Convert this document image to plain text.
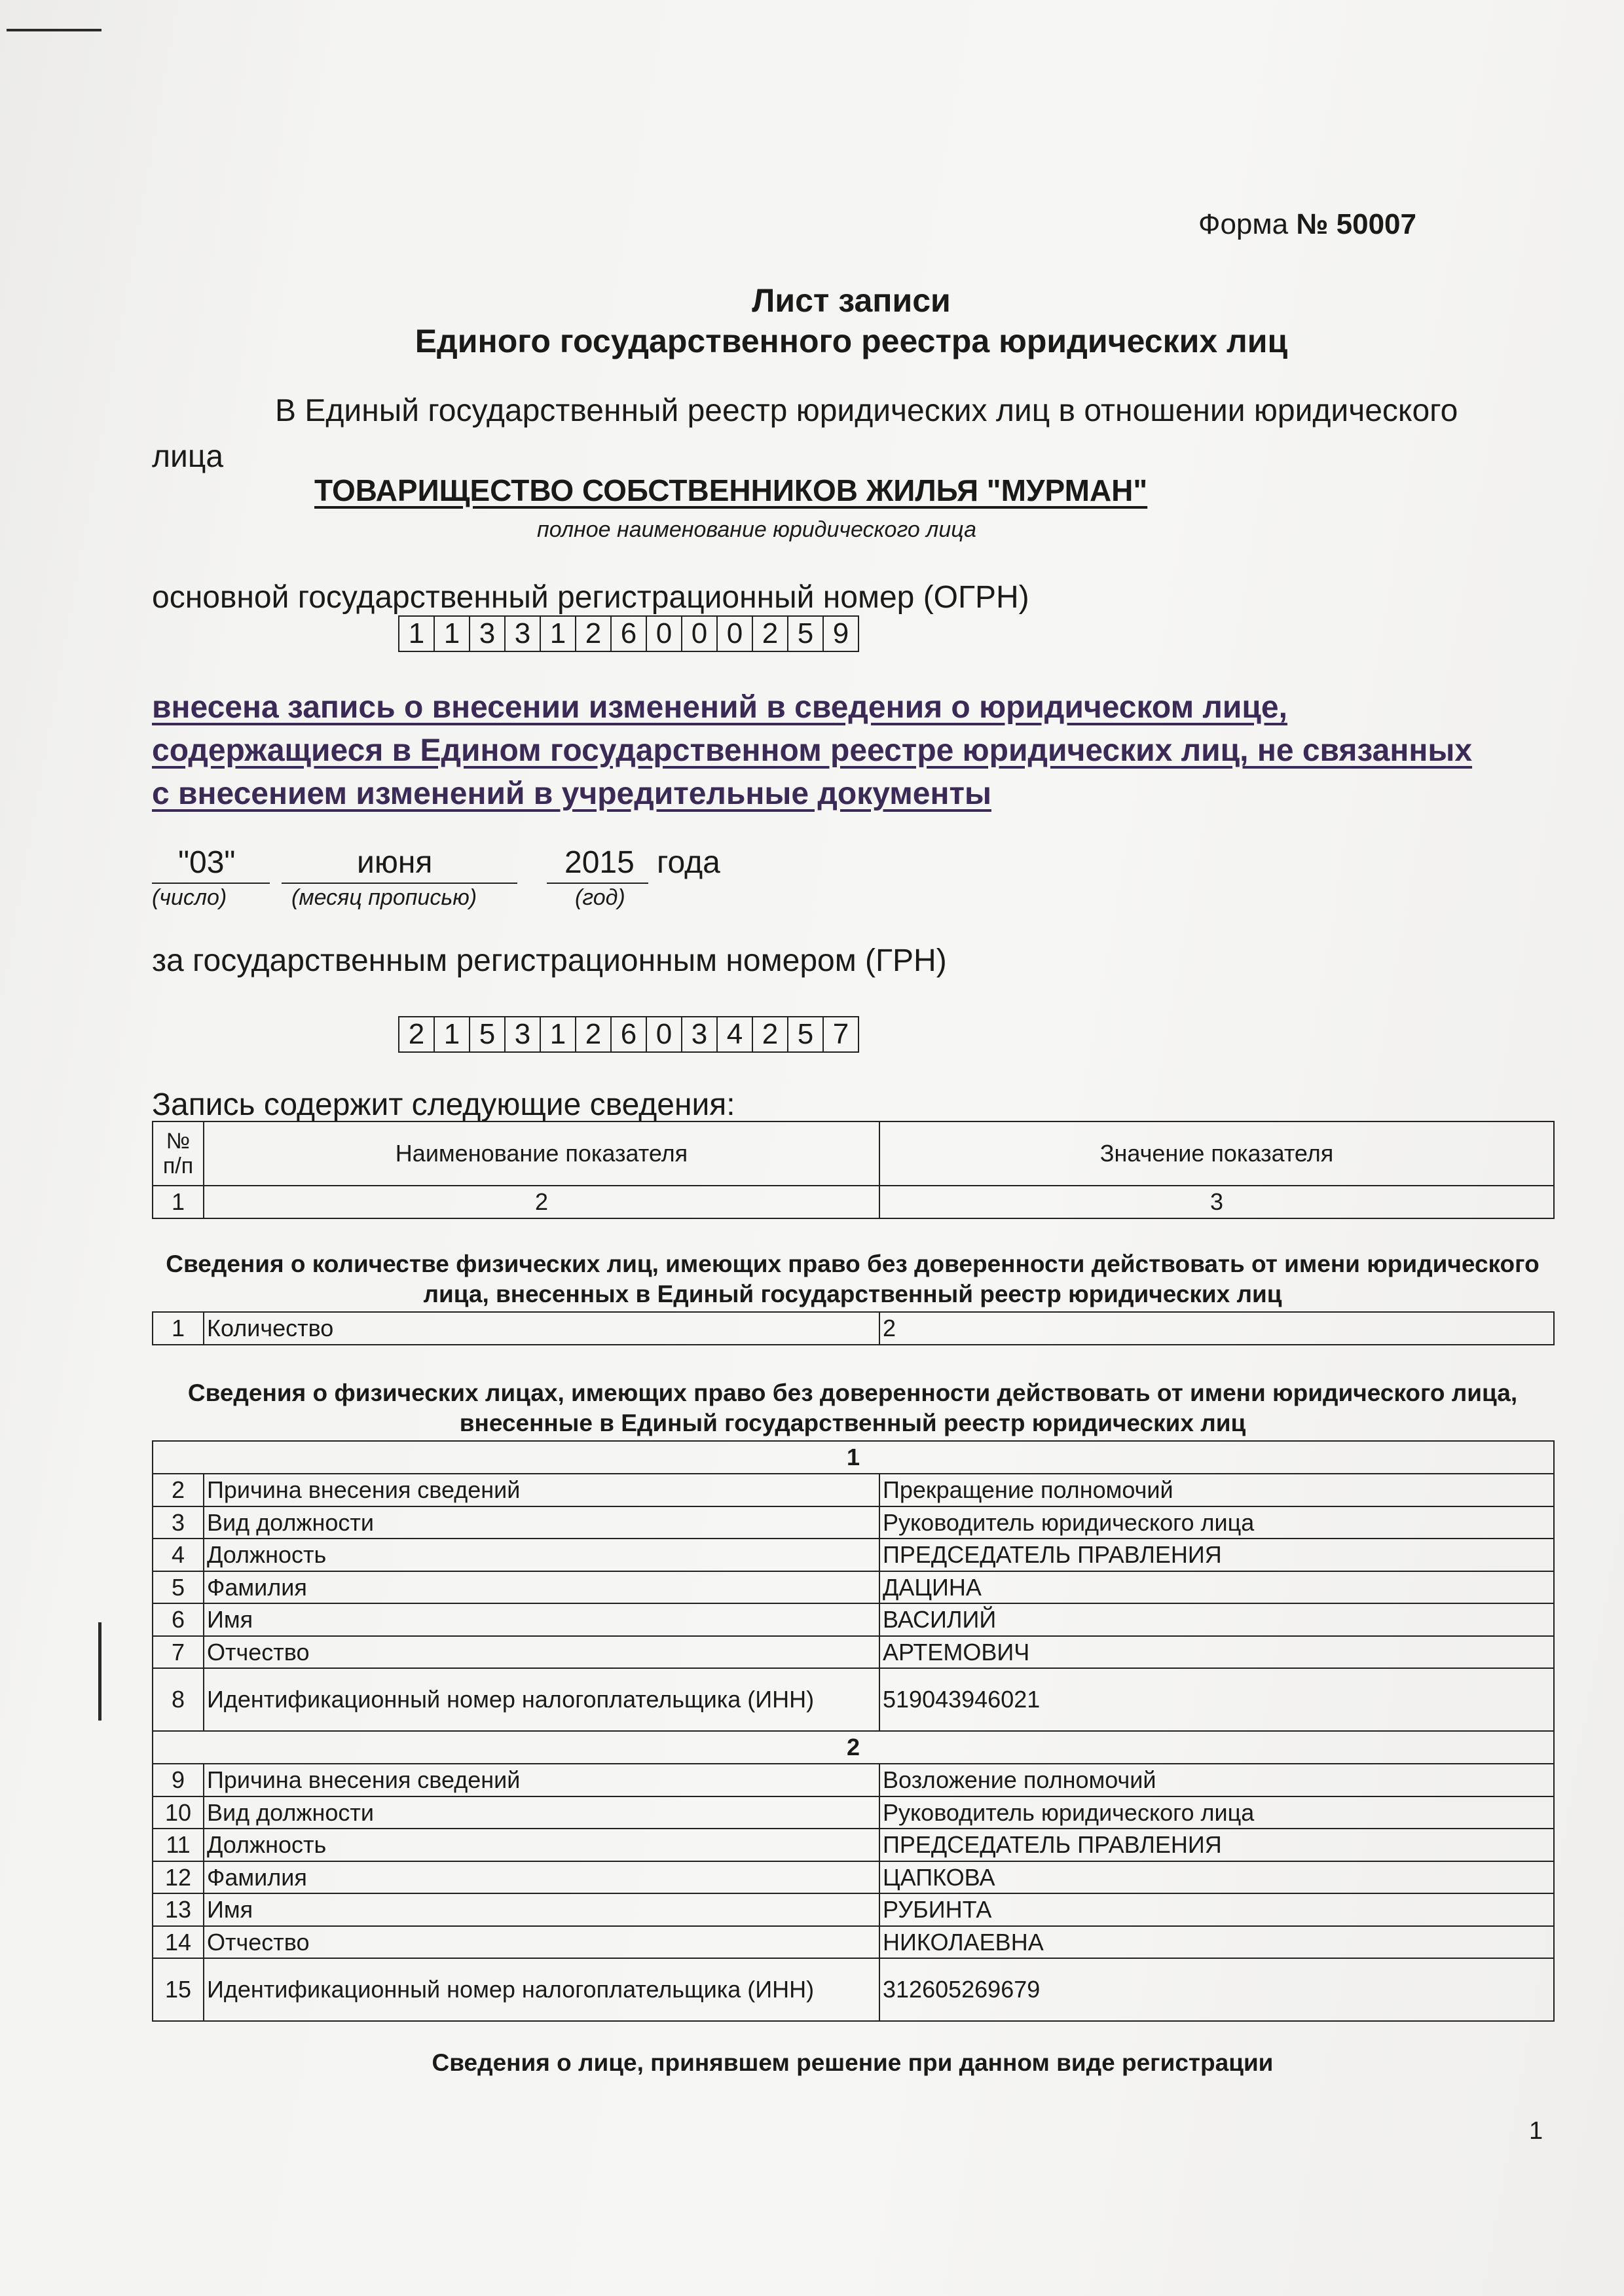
Форма № 50007
Лист записи
Единого государственного реестра юридических лиц
В Единый государственный реестр юридических лиц в отношении юридического
лица
ТОВАРИЩЕСТВО СОБСТВЕННИКОВ ЖИЛЬЯ "МУРМАН"
полное наименование юридического лица
основной государственный регистрационный номер (ОГРН)
1 1 3 3 1 2 6 0 0 0 2 5 9
внесена запись о внесении изменений в сведения о юридическом лице, содержащиеся в Едином государственном реестре юридических лиц, не связанных с внесением изменений в учредительные документы
"03"
(число)
июня
(месяц прописью)
2015 года
(год)
за государственным регистрационным номером (ГРН)
2 1 5 3 1 2 6 0 3 4 2 5 7
Запись содержит следующие сведения:
№ п/п	Наименование показателя	Значение показателя
1	2	3
Сведения о количестве физических лиц, имеющих право без доверенности действовать от имени юридического лица, внесенных в Единый государственный реестр юридических лиц
1	Количество	2
Сведения о физических лицах, имеющих право без доверенности действовать от имени юридического лица, внесенные в Единый государственный реестр юридических лиц
1		
2	Причина внесения сведений	Прекращение полномочий
3	Вид должности	Руководитель юридического лица
4	Должность	ПРЕДСЕДАТЕЛЬ ПРАВЛЕНИЯ
5	Фамилия	ДАЦИНА
6	Имя	ВАСИЛИЙ
7	Отчество	АРТЕМОВИЧ
8	Идентификационный номер налогоплательщика (ИНН)	519043946021
2		
9	Причина внесения сведений	Возложение полномочий
10	Вид должности	Руководитель юридического лица
11	Должность	ПРЕДСЕДАТЕЛЬ ПРАВЛЕНИЯ
12	Фамилия	ЦАПКОВА
13	Имя	РУБИНТА
14	Отчество	НИКОЛАЕВНА
15	Идентификационный номер налогоплательщика (ИНН)	312605269679
Сведения о лице, принявшем решение при данном виде регистрации
1
